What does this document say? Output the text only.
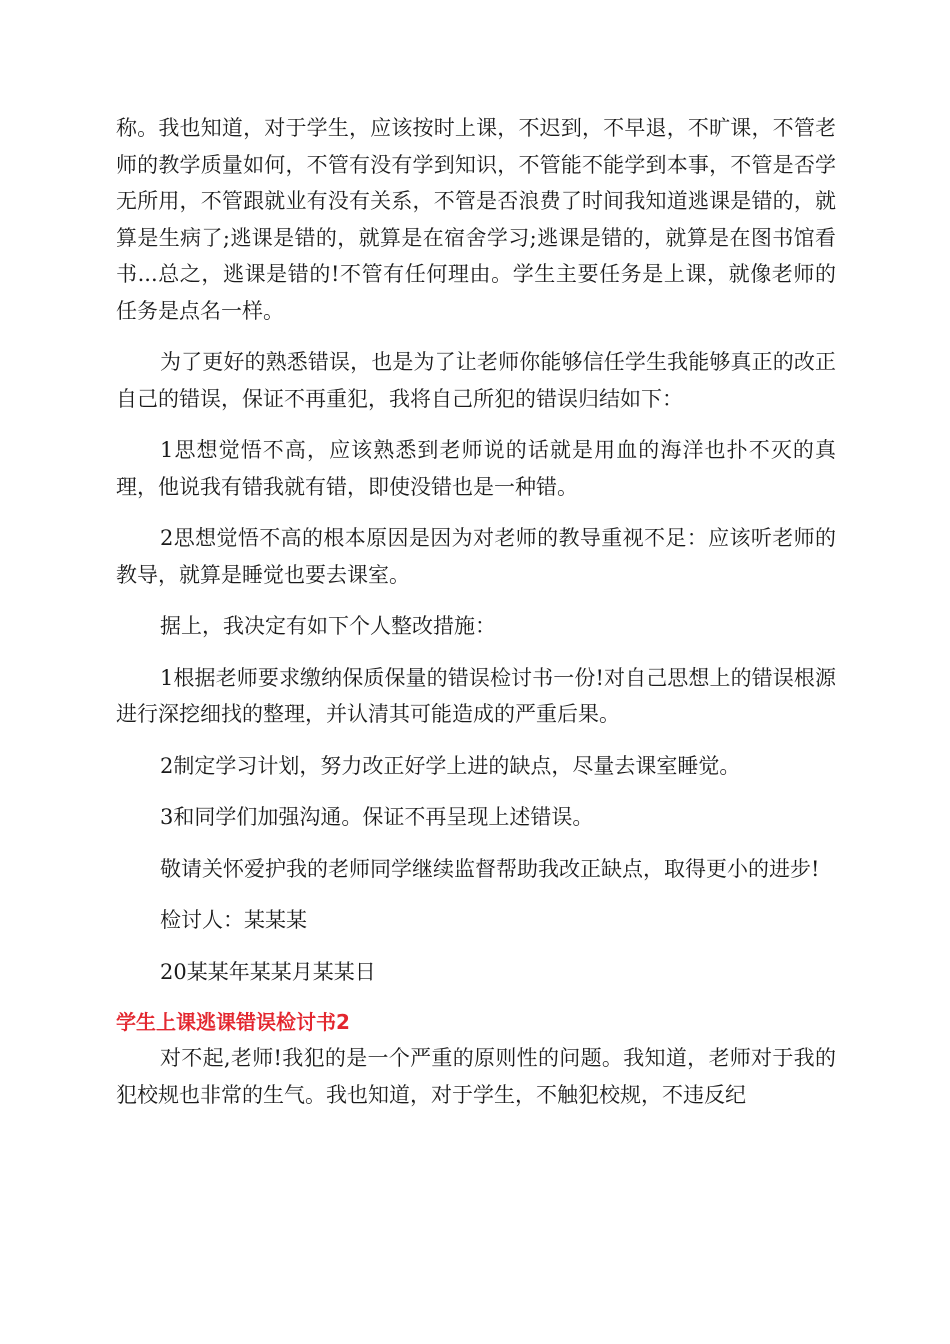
称。我也知道，对于学生，应该按时上课，不迟到，不早退，不旷课，不管老师的教学质量如何，不管有没有学到知识，不管能不能学到本事，不管是否学无所用，不管跟就业有没有关系，不管是否浪费了时间我知道逃课是错的，就算是生病了;逃课是错的，就算是在宿舍学习;逃课是错的，就算是在图书馆看书...总之，逃课是错的!不管有任何理由。学生主要任务是上课，就像老师的任务是点名一样。

为了更好的熟悉错误，也是为了让老师你能够信任学生我能够真正的改正自己的错误，保证不再重犯，我将自己所犯的错误归结如下：

1思想觉悟不高，应该熟悉到老师说的话就是用血的海洋也扑不灭的真理，他说我有错我就有错，即使没错也是一种错。

2思想觉悟不高的根本原因是因为对老师的教导重视不足：应该听老师的教导，就算是睡觉也要去课室。

据上，我决定有如下个人整改措施：

1根据老师要求缴纳保质保量的错误检讨书一份!对自己思想上的错误根源进行深挖细找的整理，并认清其可能造成的严重后果。

2制定学习计划，努力改正好学上进的缺点，尽量去课室睡觉。

3和同学们加强沟通。保证不再呈现上述错误。

敬请关怀爱护我的老师同学继续监督帮助我改正缺点，取得更小的进步!

检讨人：某某某

20某某年某某月某某日

学生上课逃课错误检讨书2

对不起,老师!我犯的是一个严重的原则性的问题。我知道，老师对于我的犯校规也非常的生气。我也知道，对于学生，不触犯校规，不违反纪
